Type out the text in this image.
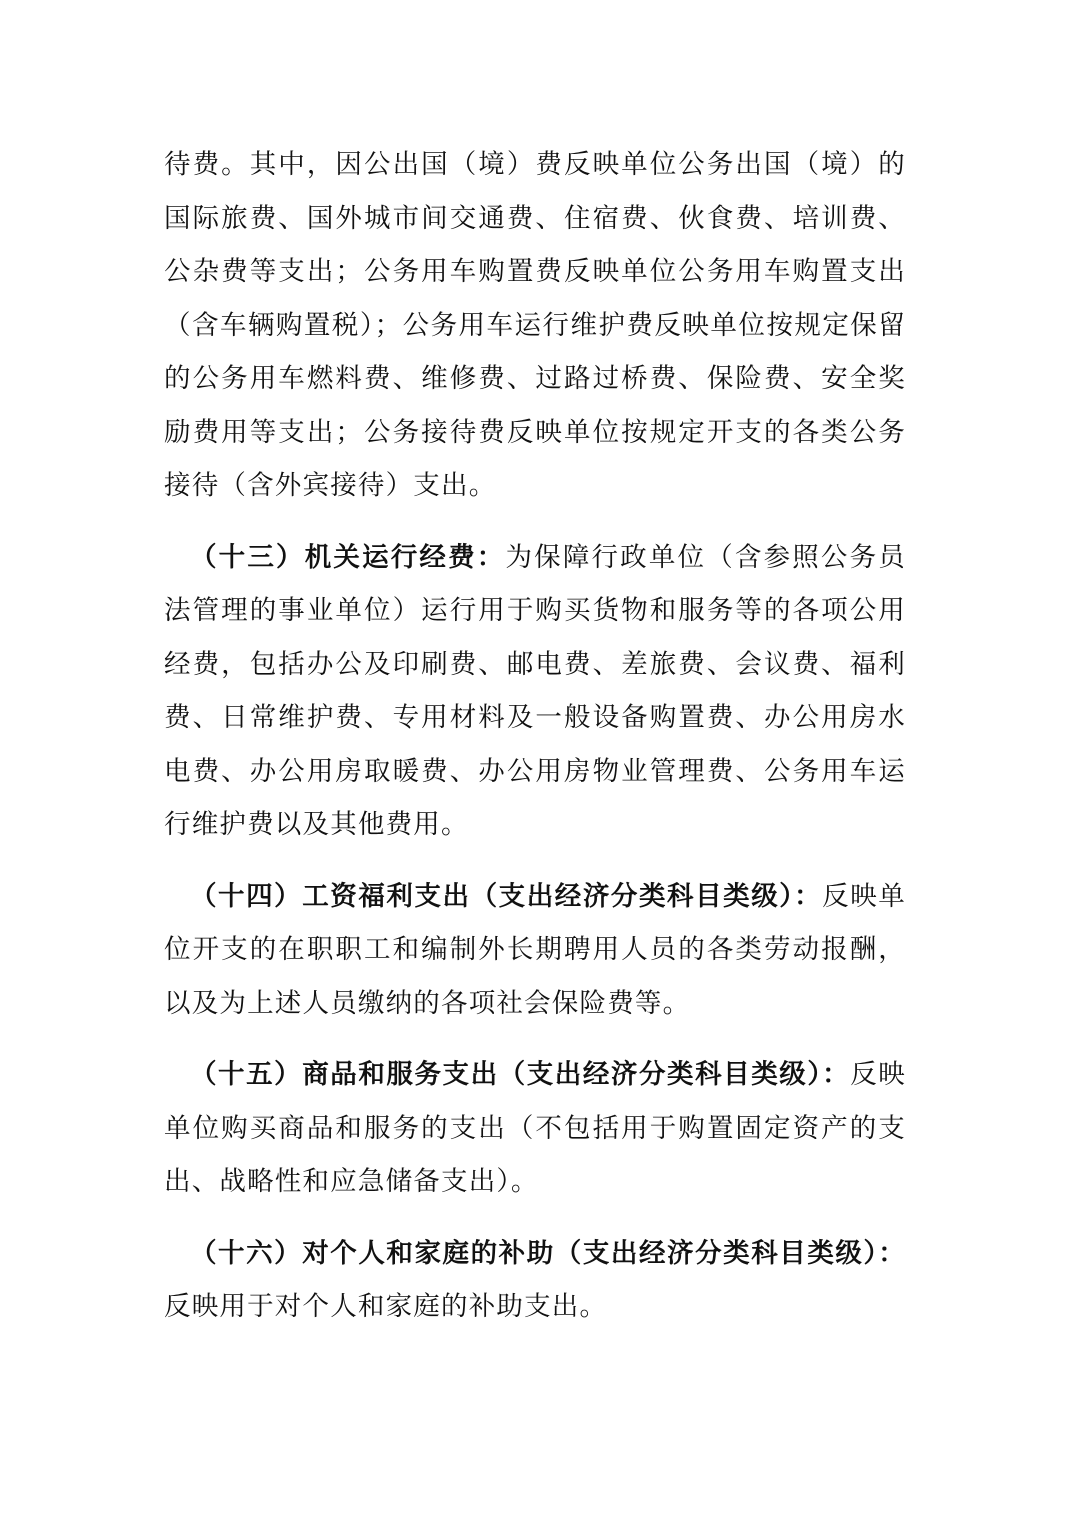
待费。其中，因公出国（境）费反映单位公务出国（境）的国际旅费、国外城市间交通费、住宿费、伙食费、培训费、公杂费等支出；公务用车购置费反映单位公务用车购置支出（含车辆购置税）；公务用车运行维护费反映单位按规定保留的公务用车燃料费、维修费、过路过桥费、保险费、安全奖励费用等支出；公务接待费反映单位按规定开支的各类公务接待（含外宾接待）支出。

（十三）机关运行经费：为保障行政单位（含参照公务员法管理的事业单位）运行用于购买货物和服务等的各项公用经费，包括办公及印刷费、邮电费、差旅费、会议费、福利费、日常维护费、专用材料及一般设备购置费、办公用房水电费、办公用房取暖费、办公用房物业管理费、公务用车运行维护费以及其他费用。

（十四）工资福利支出（支出经济分类科目类级）：反映单位开支的在职职工和编制外长期聘用人员的各类劳动报酬，以及为上述人员缴纳的各项社会保险费等。

（十五）商品和服务支出（支出经济分类科目类级）：反映单位购买商品和服务的支出（不包括用于购置固定资产的支出、战略性和应急储备支出）。

（十六）对个人和家庭的补助（支出经济分类科目类级）：反映用于对个人和家庭的补助支出。
